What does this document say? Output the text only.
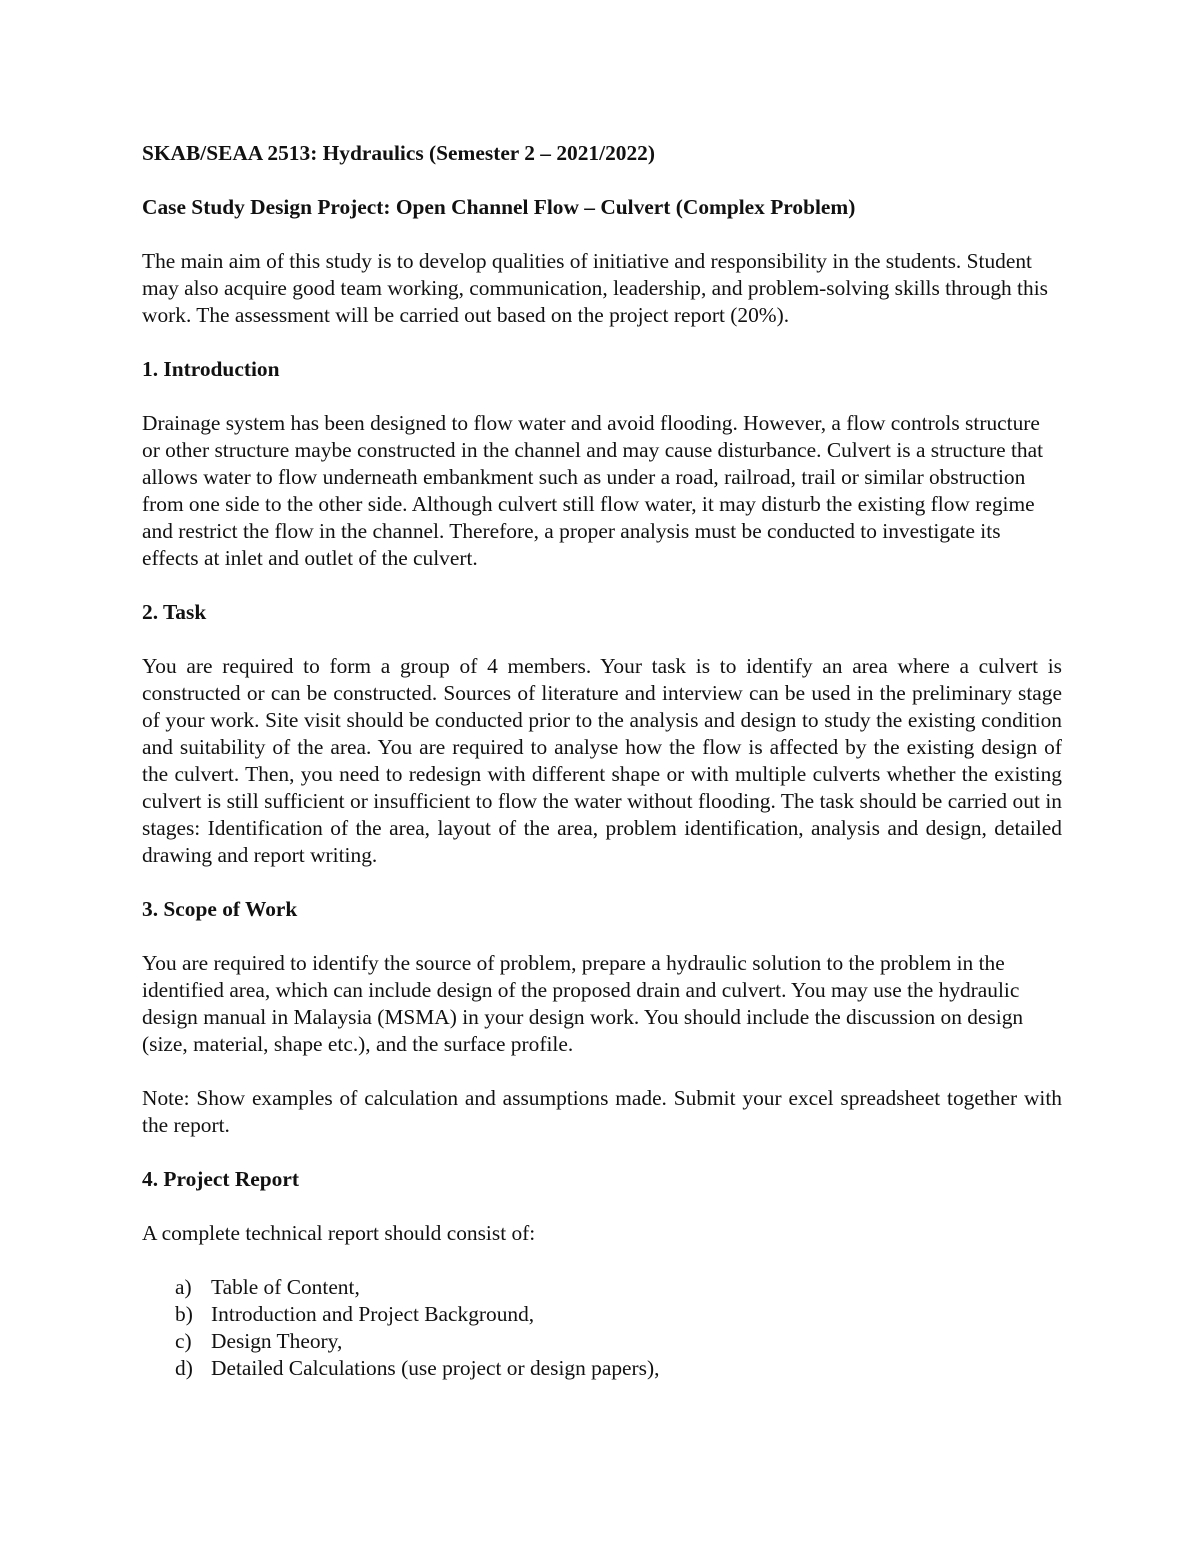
SKAB/SEAA 2513: Hydraulics (Semester 2 – 2021/2022)

Case Study Design Project: Open Channel Flow – Culvert (Complex Problem)

The main aim of this study is to develop qualities of initiative and responsibility in the students. Student may also acquire good team working, communication, leadership, and problem-solving skills through this work. The assessment will be carried out based on the project report (20%).

1. Introduction

Drainage system has been designed to flow water and avoid flooding. However, a flow controls structure or other structure maybe constructed in the channel and may cause disturbance. Culvert is a structure that allows water to flow underneath embankment such as under a road, railroad, trail or similar obstruction from one side to the other side. Although culvert still flow water, it may disturb the existing flow regime and restrict the flow in the channel. Therefore, a proper analysis must be conducted to investigate its effects at inlet and outlet of the culvert.

2. Task

You are required to form a group of 4 members. Your task is to identify an area where a culvert is constructed or can be constructed. Sources of literature and interview can be used in the preliminary stage of your work. Site visit should be conducted prior to the analysis and design to study the existing condition and suitability of the area. You are required to analyse how the flow is affected by the existing design of the culvert. Then, you need to redesign with different shape or with multiple culverts whether the existing culvert is still sufficient or insufficient to flow the water without flooding. The task should be carried out in stages: Identification of the area, layout of the area, problem identification, analysis and design, detailed drawing and report writing.

3. Scope of Work

You are required to identify the source of problem, prepare a hydraulic solution to the problem in the identified area, which can include design of the proposed drain and culvert. You may use the hydraulic design manual in Malaysia (MSMA) in your design work. You should include the discussion on design (size, material, shape etc.), and the surface profile.

Note: Show examples of calculation and assumptions made. Submit your excel spreadsheet together with the report.

4. Project Report

A complete technical report should consist of:

a) Table of Content,
b) Introduction and Project Background,
c) Design Theory,
d) Detailed Calculations (use project or design papers),
